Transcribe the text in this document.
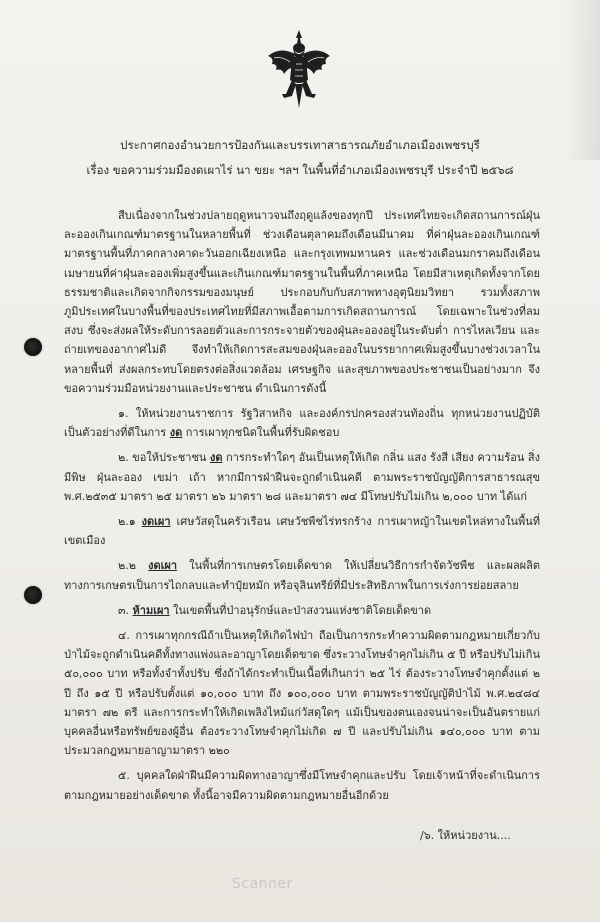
ประกาศกองอำนวยการป้องกันและบรรเทาสาธารณภัยอำเภอเมืองเพชรบุรี
เรื่อง ขอความร่วมมืองดเผาไร่ นา ขยะ ฯลฯ ในพื้นที่อำเภอเมืองเพชรบุรี ประจำปี ๒๕๖๘

สืบเนื่องจากในช่วงปลายฤดูหนาวจนถึงฤดูแล้งของทุกปี ประเทศไทยจะเกิดสถานการณ์ฝุ่นละอองเกินเกณฑ์มาตรฐานในหลายพื้นที่ ช่วงเดือนตุลาคมถึงเดือนมีนาคม ที่ค่าฝุ่นละอองเกินเกณฑ์มาตรฐานพื้นที่ภาคกลางคาดะวันออกเฉียงเหนือ และกรุงเทพมหานคร และช่วงเดือนมกราคมถึงเดือนเมษายนที่ค่าฝุ่นละอองเพิ่มสูงขึ้นและเกินเกณฑ์มาตรฐานในพื้นที่ภาคเหนือ โดยมีสาเหตุเกิดทั้งจากโดยธรรมชาติและเกิดจากกิจกรรมของมนุษย์ ประกอบกับกับสภาพทางอุตุนิยมวิทยา รวมทั้งสภาพภูมิประเทศในบางพื้นที่ของประเทศไทยที่มีสภาพเอื้อตามการเกิดสถานการณ์ โดยเฉพาะในช่วงที่ลมสงบ ซึ่งจะส่งผลให้ระดับการลอยตัวและการกระจายตัวของฝุ่นละอองอยู่ในระดับต่ำ การไหลเวียน และถ่ายเทของอากาศไม่ดี จึงทำให้เกิดการสะสมของฝุ่นละอองในบรรยากาศเพิ่มสูงขึ้นบางช่วงเวลาในหลายพื้นที่ ส่งผลกระทบโดยตรงต่อสิ่งแวดล้อม เศรษฐกิจ และสุขภาพของประชาชนเป็นอย่างมาก จึงขอความร่วมมือหน่วยงานและประชาชน ดำเนินการดังนี้

๑. ให้หน่วยงานราชการ รัฐวิสาหกิจ และองค์กรปกครองส่วนท้องถิ่น ทุกหน่วยงานปฏิบัติเป็นตัวอย่างที่ดีในการ งด การเผาทุกชนิดในพื้นที่รับผิดชอบ

๒. ขอให้ประชาชน งด การกระทำใดๆ อันเป็นเหตุให้เกิด กลิ่น แสง รังสี เสียง ความร้อน สิ่งมีพิษ ฝุ่นละออง เขม่า เถ้า หากมีการฝ่าฝืนจะถูกดำเนินคดี ตามพระราชบัญญัติการสาธารณสุข พ.ศ.๒๕๓๕ มาตรา ๒๕ มาตรา ๒๖ มาตรา ๒๘ และมาตรา ๗๔ มีโทษปรับไม่เกิน ๒,๐๐๐ บาท ได้แก่

๒.๑ งดเผา เศษวัสดุในครัวเรือน เศษวัชพืชไร่ทรกร้าง การเผาหญ้าในเขตไหล่ทางในพื้นที่เขตเมือง

๒.๒ งดเผา ในพื้นที่การเกษตรโดยเด็ดขาด ให้เปลี่ยนวิธีการกำจัดวัชพืช และผลผลิตทางการเกษตรเป็นการไถกลบและทำปุ๋ยหมัก หรือจุลินทรีย์ที่มีประสิทธิภาพในการเร่งการย่อยสลาย

๓. ห้ามเผา ในเขตพื้นที่ป่าอนุรักษ์และป่าสงวนแห่งชาติโดยเด็ดขาด

๔. การเผาทุกกรณีถ้าเป็นเหตุให้เกิดไฟป่า ถือเป็นการกระทำความผิดตามกฎหมายเกี่ยวกับป่าไม้จะถูกดำเนินคดีทั้งทางแพ่งและอาญาโดยเด็ดขาด ซึ่งระวางโทษจำคุกไม่เกิน ๕ ปี หรือปรับไม่เกิน ๕๐,๐๐๐ บาท หรือทั้งจำทั้งปรับ ซึ่งถ้าได้กระทำเป็นเนื้อที่เกินกว่า ๒๕ ไร่ ต้องระวางโทษจำคุกตั้งแต่ ๒ ปี ถึง ๑๕ ปี หรือปรับตั้งแต่ ๑๐,๐๐๐ บาท ถึง ๑๐๐,๐๐๐ บาท ตามพระราชบัญญัติป่าไม้ พ.ศ.๒๔๘๔ มาตรา ๗๒ ตรี และการกระทำให้เกิดเพลิงไหม้แก่วัสดุใดๆ แม้เป็นของตนเองจนน่าจะเป็นอันตรายแก่บุคคลอื่นหรือทรัพย์ของผู้อื่น ต้องระวางโทษจำคุกไม่เกิด ๗ ปี และปรับไม่เกิน ๑๔๐,๐๐๐ บาท ตามประมวลกฎหมายอาญามาตรา ๒๒๐

๕. บุคคลใดฝ่าฝืนมีความผิดทางอาญาซึ่งมีโทษจำคุกและปรับ โดยเจ้าหน้าที่จะดำเนินการตามกฎหมายอย่างเด็ดขาด ทั้งนี้อาจมีความผิดตามกฎหมายอื่นอีกด้วย

/๖. ให้หน่วยงาน....
Scanner
